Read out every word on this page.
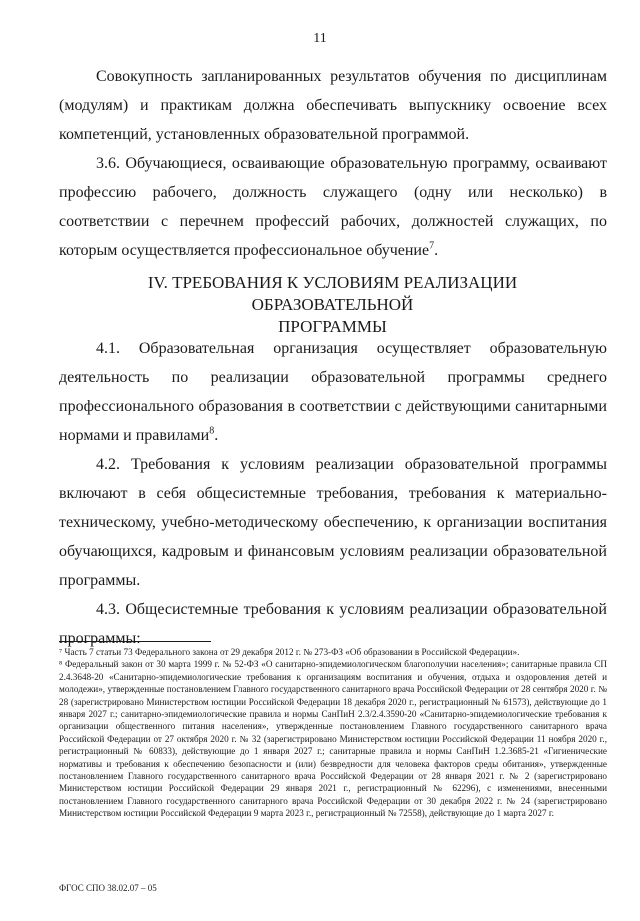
11

Совокупность запланированных результатов обучения по дисциплинам (модулям) и практикам должна обеспечивать выпускнику освоение всех компетенций, установленных образовательной программой.

3.6. Обучающиеся, осваивающие образовательную программу, осваивают профессию рабочего, должность служащего (одну или несколько) в соответствии с перечнем профессий рабочих, должностей служащих, по которым осуществляется профессиональное обучение$^7$.

IV. ТРЕБОВАНИЯ К УСЛОВИЯМ РЕАЛИЗАЦИИ ОБРАЗОВАТЕЛЬНОЙ
ПРОГРАММЫ

4.1. Образовательная организация осуществляет образовательную деятельность по реализации образовательной программы среднего профессионального образования в соответствии с действующими санитарными нормами и правилами$^8$.

4.2. Требования к условиям реализации образовательной программы включают в себя общесистемные требования, требования к материально-техническому, учебно-методическому обеспечению, к организации воспитания обучающихся, кадровым и финансовым условиям реализации образовательной программы.

4.3. Общесистемные требования к условиям реализации образовательной программы:

⁷ Часть 7 статьи 73 Федерального закона от 29 декабря 2012 г. № 273-ФЗ «Об образовании в Российской Федерации».

⁸ Федеральный закон от 30 марта 1999 г. № 52-ФЗ «О санитарно-эпидемиологическом благополучии населения»; санитарные правила СП 2.4.3648-20 «Санитарно-эпидемиологические требования к организациям воспитания и обучения, отдыха и оздоровления детей и молодежи», утвержденные постановлением Главного государственного санитарного врача Российской Федерации от 28 сентября 2020 г. № 28 (зарегистрировано Министерством юстиции Российской Федерации 18 декабря 2020 г., регистрационный № 61573), действующие до 1 января 2027 г.; санитарно-эпидемиологические правила и нормы СанПиН 2.3/2.4.3590-20 «Санитарно-эпидемиологические требования к организации общественного питания населения», утвержденные постановлением Главного государственного санитарного врача Российской Федерации от 27 октября 2020 г. № 32 (зарегистрировано Министерством юстиции Российской Федерации 11 ноября 2020 г., регистрационный № 60833), действующие до 1 января 2027 г.; санитарные правила и нормы СанПиН 1.2.3685-21 «Гигиенические нормативы и требования к обеспечению безопасности и (или) безвредности для человека факторов среды обитания», утвержденные постановлением Главного государственного санитарного врача Российской Федерации от 28 января 2021 г. № 2 (зарегистрировано Министерством юстиции Российской Федерации 29 января 2021 г., регистрационный № 62296), с изменениями, внесенными постановлением Главного государственного санитарного врача Российской Федерации от 30 декабря 2022 г. № 24 (зарегистрировано Министерством юстиции Российской Федерации 9 марта 2023 г., регистрационный № 72558), действующие до 1 марта 2027 г.

ФГОС СПО 38.02.07 – 05
